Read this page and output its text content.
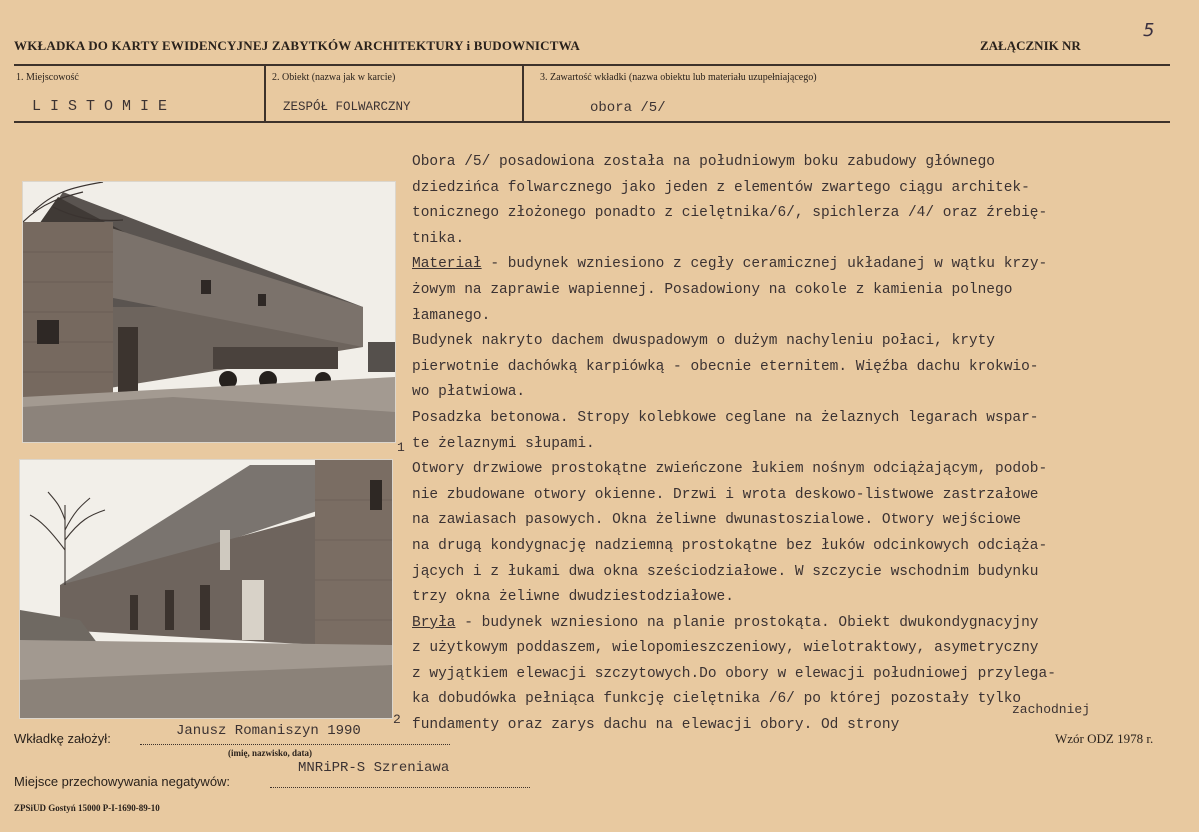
WKŁADKA DO KARTY EWIDENCYJNEJ ZABYTKÓW ARCHITEKTURY i BUDOWNICTWA	ZAŁĄCZNIK NR
5
1. Miejscowość
LISTOMIE
2. Obiekt (nazwa jak w karcie)
ZESPÓŁ FOLWARCZNY
3. Zawartość wkładki (nazwa obiektu lub materiału uzupełniającego)
obora /5/
1
2
Obora /5/ posadowiona została na południowym boku zabudowy głównego
dziedzińca folwarcznego jako jeden z elementów zwartego ciągu architek-
tonicznego złożonego ponadto z cielętnika/6/, spichlerza /4/ oraz źrebię-
tnika.
Materiał - budynek wzniesiono z cegły ceramicznej układanej w wątku krzy-
żowym na zaprawie wapiennej. Posadowiony na cokole z kamienia polnego
łamanego.
Budynek nakryto dachem dwuspadowym o dużym nachyleniu połaci, kryty
pierwotnie dachówką karpiówką - obecnie eternitem. Więźba dachu krokwio-
wo płatwiowa.
Posadzka betonowa. Stropy kolebkowe ceglane na żelaznych legarach wspar-
te żelaznymi słupami.
Otwory drzwiowe prostokątne zwieńczone łukiem nośnym odciążającym, podob-
nie zbudowane otwory okienne. Drzwi i wrota deskowo-listwowe zastrzałowe
na zawiasach pasowych. Okna żeliwne dwunastoszialowe. Otwory wejściowe
na drugą kondygnację nadziemną prostokątne bez łuków odcinkowych odciąża-
jących i z łukami dwa okna sześciodziałowe. W szczycie wschodnim budynku
trzy okna żeliwne dwudziestodziałowe.
Bryła - budynek wzniesiono na planie prostokąta. Obiekt dwukondygnacyjny
z użytkowym poddaszem, wielopomieszczeniowy, wielotraktowy, asymetryczny
z wyjątkiem elewacji szczytowych.Do obory w elewacji południowej przylega-
ka dobudówka pełniąca funkcję cielętnika /6/ po której pozostały tylko
fundamenty oraz zarys dachu na elewacji obory. Od strony
zachodniej
Wkładkę założył:	Janusz Romaniszyn 1990
(imię, nazwisko, data)
Wzór ODZ 1978 r.
Miejsce przechowywania negatywów:
MNRiPR-S Szreniawa
ZPSiUD Gostyń 15000 P-I-1690-89-10
